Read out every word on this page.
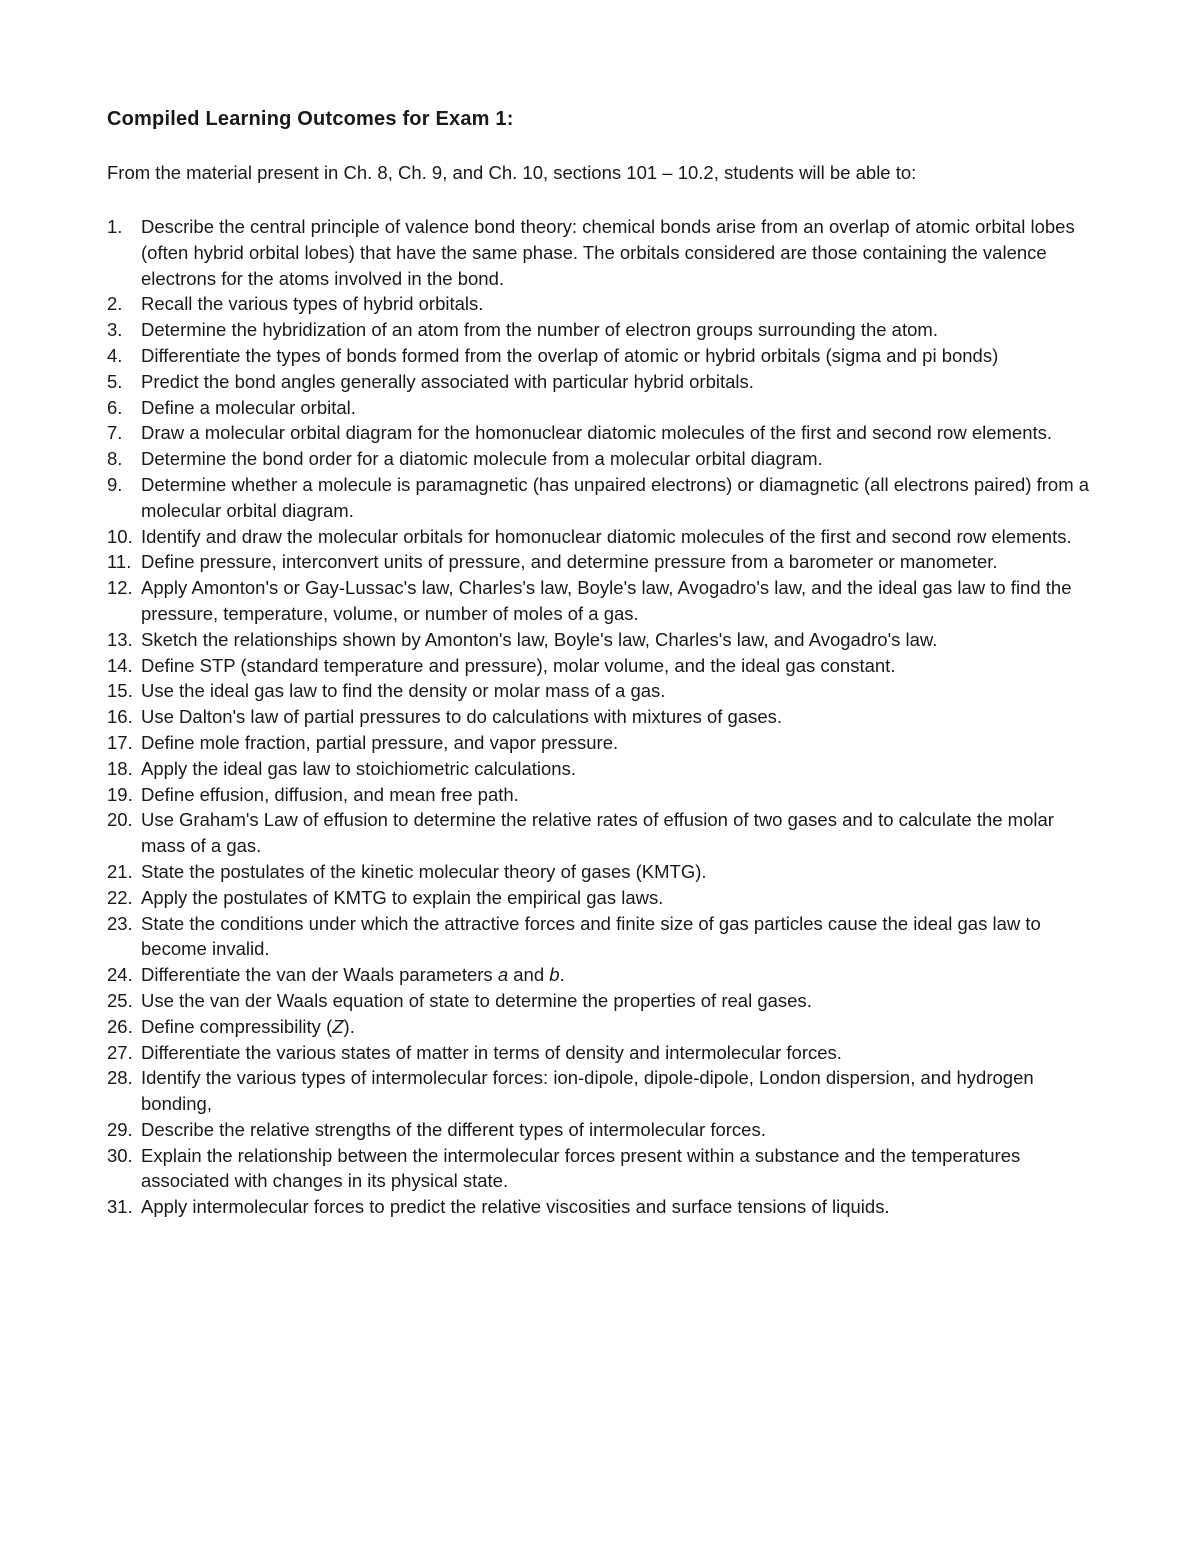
Compiled Learning Outcomes for Exam 1:
From the material present in Ch. 8, Ch. 9, and Ch. 10, sections 101 – 10.2, students will be able to:
1.	Describe the central principle of valence bond theory: chemical bonds arise from an overlap of atomic orbital lobes (often hybrid orbital lobes) that have the same phase. The orbitals considered are those containing the valence electrons for the atoms involved in the bond.
2.	Recall the various types of hybrid orbitals.
3.	Determine the hybridization of an atom from the number of electron groups surrounding the atom.
4.	Differentiate the types of bonds formed from the overlap of atomic or hybrid orbitals (sigma and pi bonds)
5.	Predict the bond angles generally associated with particular hybrid orbitals.
6.	Define a molecular orbital.
7.	Draw a molecular orbital diagram for the homonuclear diatomic molecules of the first and second row elements.
8.	Determine the bond order for a diatomic molecule from a molecular orbital diagram.
9.	Determine whether a molecule is paramagnetic (has unpaired electrons) or diamagnetic (all electrons paired) from a molecular orbital diagram.
10. Identify and draw the molecular orbitals for homonuclear diatomic molecules of the first and second row elements.
11. Define pressure, interconvert units of pressure, and determine pressure from a barometer or manometer.
12. Apply Amonton's or Gay-Lussac's law, Charles's law, Boyle's law, Avogadro's law, and the ideal gas law to find the pressure, temperature, volume, or number of moles of a gas.
13. Sketch the relationships shown by Amonton's law, Boyle's law, Charles's law, and Avogadro's law.
14. Define STP (standard temperature and pressure), molar volume, and the ideal gas constant.
15. Use the ideal gas law to find the density or molar mass of a gas.
16. Use Dalton's law of partial pressures to do calculations with mixtures of gases.
17. Define mole fraction, partial pressure, and vapor pressure.
18. Apply the ideal gas law to stoichiometric calculations.
19. Define effusion, diffusion, and mean free path.
20. Use Graham's Law of effusion to determine the relative rates of effusion of two gases and to calculate the molar mass of a gas.
21. State the postulates of the kinetic molecular theory of gases (KMTG).
22. Apply the postulates of KMTG to explain the empirical gas laws.
23. State the conditions under which the attractive forces and finite size of gas particles cause the ideal gas law to become invalid.
24. Differentiate the van der Waals parameters a and b.
25. Use the van der Waals equation of state to determine the properties of real gases.
26. Define compressibility (Z).
27. Differentiate the various states of matter in terms of density and intermolecular forces.
28. Identify the various types of intermolecular forces: ion-dipole, dipole-dipole, London dispersion, and hydrogen bonding,
29. Describe the relative strengths of the different types of intermolecular forces.
30. Explain the relationship between the intermolecular forces present within a substance and the temperatures associated with changes in its physical state.
31. Apply intermolecular forces to predict the relative viscosities and surface tensions of liquids.
